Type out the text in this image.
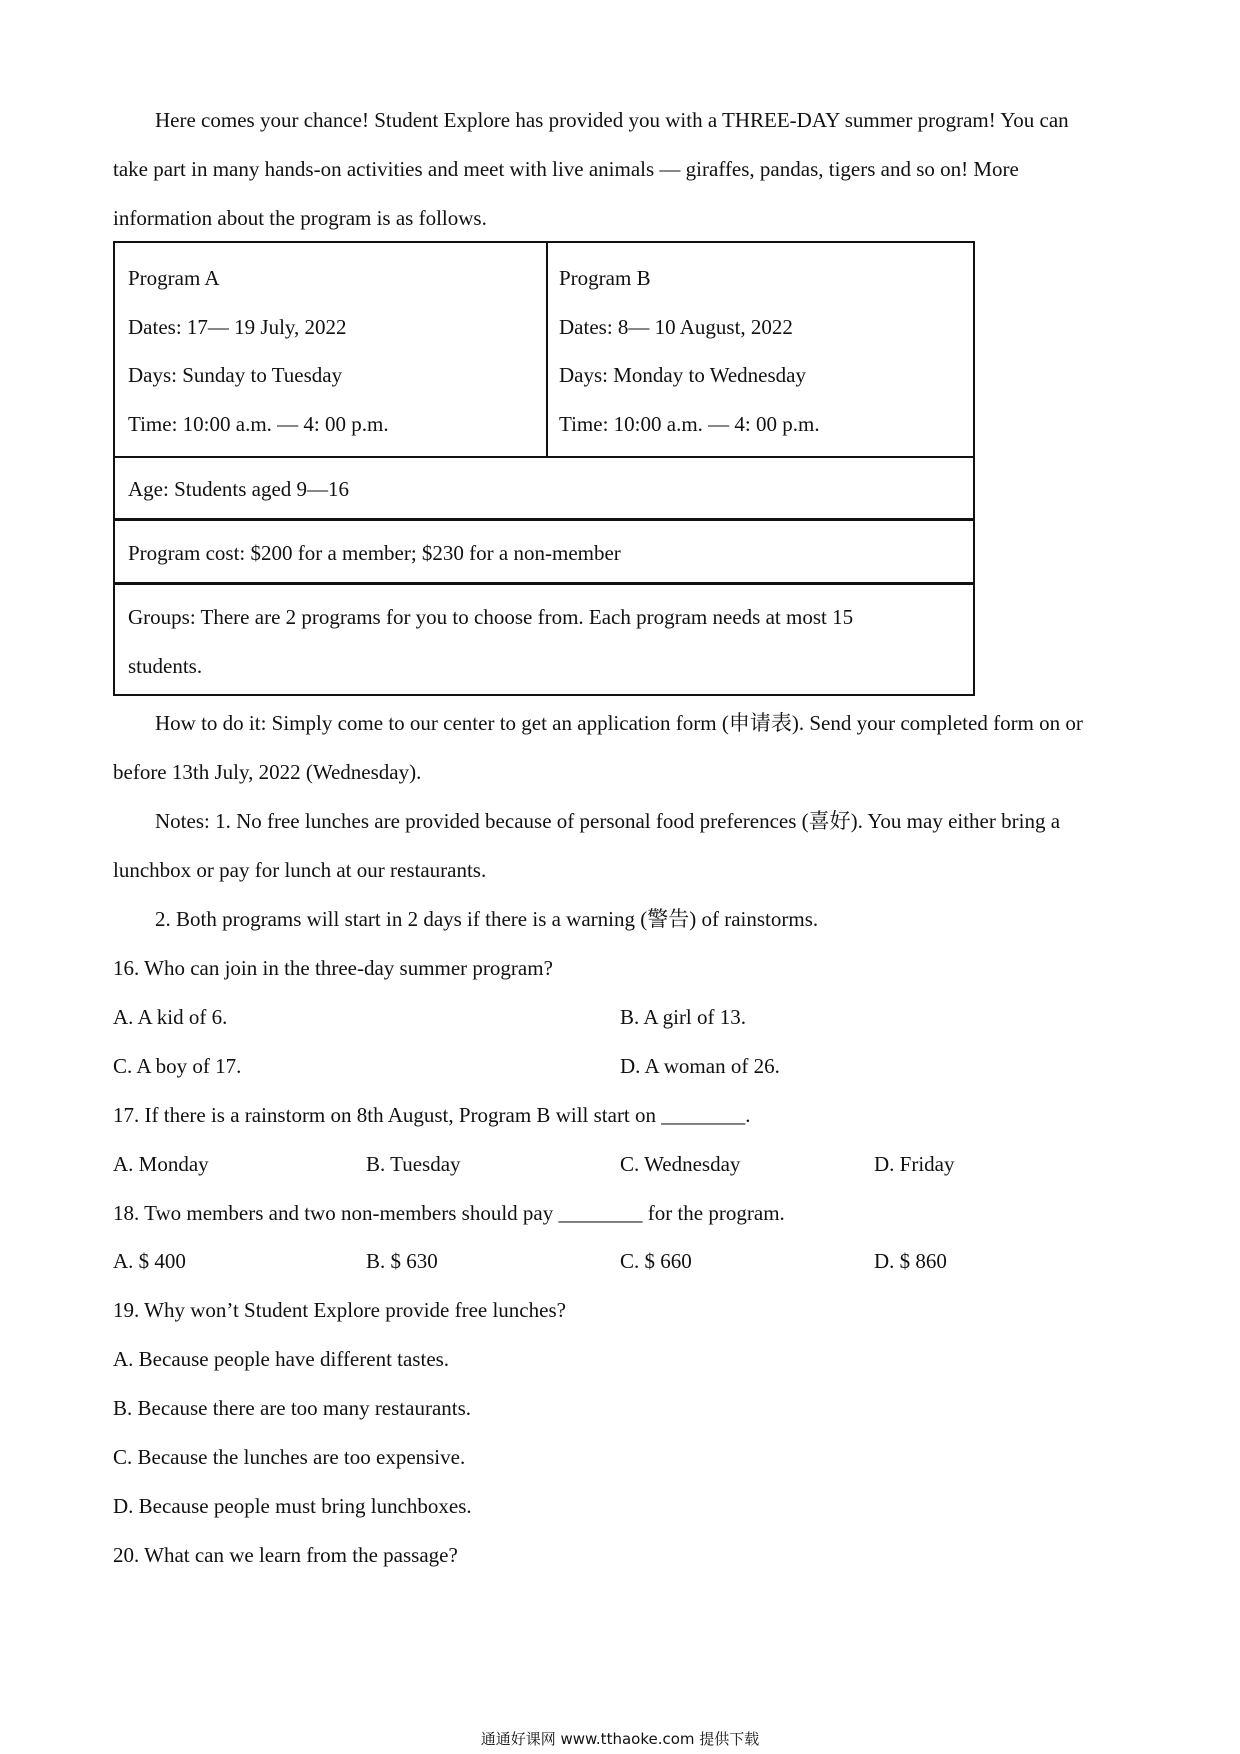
Here comes your chance! Student Explore has provided you with a THREE-DAY summer program! You can
take part in many hands-on activities and meet with live animals — giraffes, pandas, tigers and so on! More
information about the program is as follows.
Program A
Dates: 17— 19 July, 2022
Days: Sunday to Tuesday
Time: 10:00 a.m. — 4: 00 p.m.
Program B
Dates: 8— 10 August, 2022
Days: Monday to Wednesday
Time: 10:00 a.m. — 4: 00 p.m.
Age: Students aged 9—16
Program cost: $200 for a member; $230 for a non-member
Groups: There are 2 programs for you to choose from. Each program needs at most 15
students.
How to do it: Simply come to our center to get an application form (申请表). Send your completed form on or
before 13th July, 2022 (Wednesday).
Notes: 1. No free lunches are provided because of personal food preferences (喜好). You may either bring a
lunchbox or pay for lunch at our restaurants.
2. Both programs will start in 2 days if there is a warning (警告) of rainstorms.
16. Who can join in the three-day summer program?
A. A kid of 6.	B. A girl of 13.
C. A boy of 17.	D. A woman of 26.
17. If there is a rainstorm on 8th August, Program B will start on ________.
A. Monday	B. Tuesday	C. Wednesday	D. Friday
18. Two members and two non-members should pay ________ for the program.
A. $ 400	B. $ 630	C. $ 660	D. $ 860
19. Why won’t Student Explore provide free lunches?
A. Because people have different tastes.
B. Because there are too many restaurants.
C. Because the lunches are too expensive.
D. Because people must bring lunchboxes.
20. What can we learn from the passage?
通通好课网 www.tthaoke.com 提供下载
